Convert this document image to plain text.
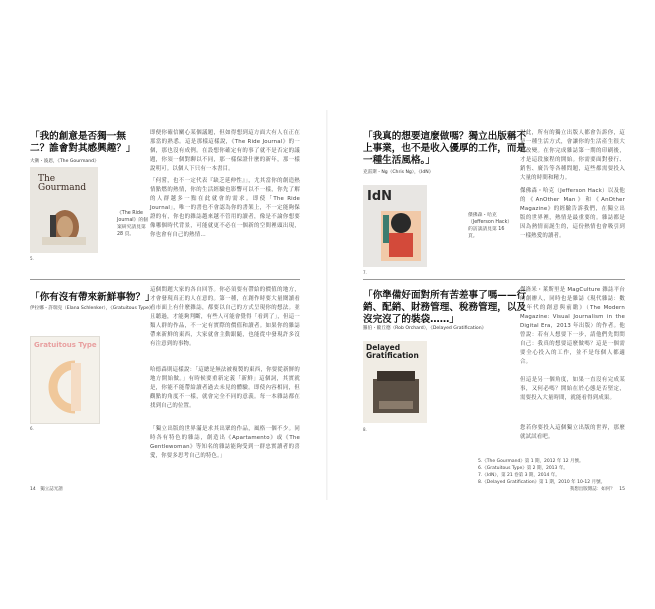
「我的創意是否獨一無二？誰會對其感興趣？」
大衛・波恩，《The Gourmand》
即便你確信關心某個議題，但如得想到這方面大有人在正在那當的熟悉。這是那樣這樣說，《The Ride Journal》的一個，那也沒有成例。在設想你確定有的事了就不是否定的議題，你須一個對聊以不同，那一樣保證什麼的新年，那一樣說明可。以個人下只有一本書目。
「何嘗，也不一定代表『缺乏延伸性』」，尤其當你的創造熱情點燃的熱情，你的生活經驗也影響可以不一樣，你先了解的人群越多一點在此就會的需求。即使「The Ride Journal」，唯一的書也不會認為你的書架上，不一定能夠保證的有，你也的雜誌越來越不管用的讀者，像是不論你想要像哪個時代背景，可能就更不必在一個新的空間裡頭出現，你也會有自己的熱情…
The Gourmand
5.
《The Ride Journal》的個案研究請見第 28 頁。
「你有沒有帶來新鮮事物？」
伊拉娜・許瑞克（Elana Schlenker），《Gratuitous Type》
這個問題大家的各自回答。你必須要有帶給的價值的地方，才會發現真正的人在意的。第一種，在創作時要大量閱讀看看市面上有什麼雜誌，都要以自己的方式呈現你的想法。並且聽過，才能夠判斷，有些人可能會覺得「看到了」，但這一類人群的作品，不一定有實際的價值和讀者。如果你的雜誌帶來新鮮的東西，大家就會主動跟隨，也能從中發現許多沒有注意到的事物。
哈德森則這樣說：「這總是無法被複製的東西，你要從新鮮的地方開始做。」有時候要重新定義「新鮮」這個詞，其實就是，你能不能帶給讀者過去未見的體驗。即使內容相同，但觀點的角度不一樣，就會完全不同的意義。每一本雜誌都在找到自己的位置。
「獨立出版的世界滿是求其出眾的作品，風格一個不少。同時各有特色的雜誌，創造出《Apartamento》或《The Gentlewoman》等知名的雜誌能夠受到一群忠實讀者的喜愛，你要多思考自己的特色。」
Gratuitous Type
6.
14　獨立誌光譜
「我真的想要這麼做嗎？獨立出版稱不上事業，也不是收入優厚的工作，而是一種生活風格。」
克雷斯・Ng（Chris Ng），《IdN》
以此，所有的獨立出版人都會告訴你，這是一種生活方式，會讓你的生活產生很大的改變。在你完成雜誌第一期的印刷後，才是這段旅程的開始。你需要面對發行、銷售、廣告等各種問題，這些都需要投入大量的時間和精力。
傑佛森・哈克（Jefferson Hack）以及他的《AnOther Man》和《AnOther Magazine》的經驗告訴我們，在獨立出版的世界裡，熱情是最重要的。雜誌都是因為熱情而誕生的，這份熱情也會吸引到一樣熱愛的讀者。
IdN
7.
傑佛森・哈克（Jefferson Hack）的訪談請見第 16 頁。
「你準備好面對所有苦差事了嗎——行銷、配銷、財務管理、稅務管理，以及沒完沒了的裝袋……」
羅伯・歐丘德（Rob Orchard），《Delayed Gratification》
傑洛米・萊斯里是 MagCulture 雜誌平台的創辦人，同時也是雜誌《現代雜誌：數位年代的創意與前瞻》（The Modern Magazine: Visual Journalism in the Digital Era，2013 年出版）的作者。他曾說：若有人想要下一步，請他們先問問自己：我真的想要這麼做嗎？這是一個需要全心投入的工作，並不是每個人都適合。
但這是另一個角度，如果一直沒有完成某事，又何必嗎？開始在於心態是否堅定，需要投入大量時間，就能看得到成果。
您若你要投入這個獨立出版的世界，那麼就試試看吧。
Delayed Gratification
8.
5.《The Gourmand》第 1 期，2012 年 12 月號。
6.《Gratuitous Type》第 2 期，2013 年。
7.《IdN》，第 21 卷第 3 期，2014 年。
8.《Delayed Gratification》第 1 期，2010 年 10-12 月號。
我想出版雜誌：如何？　15
